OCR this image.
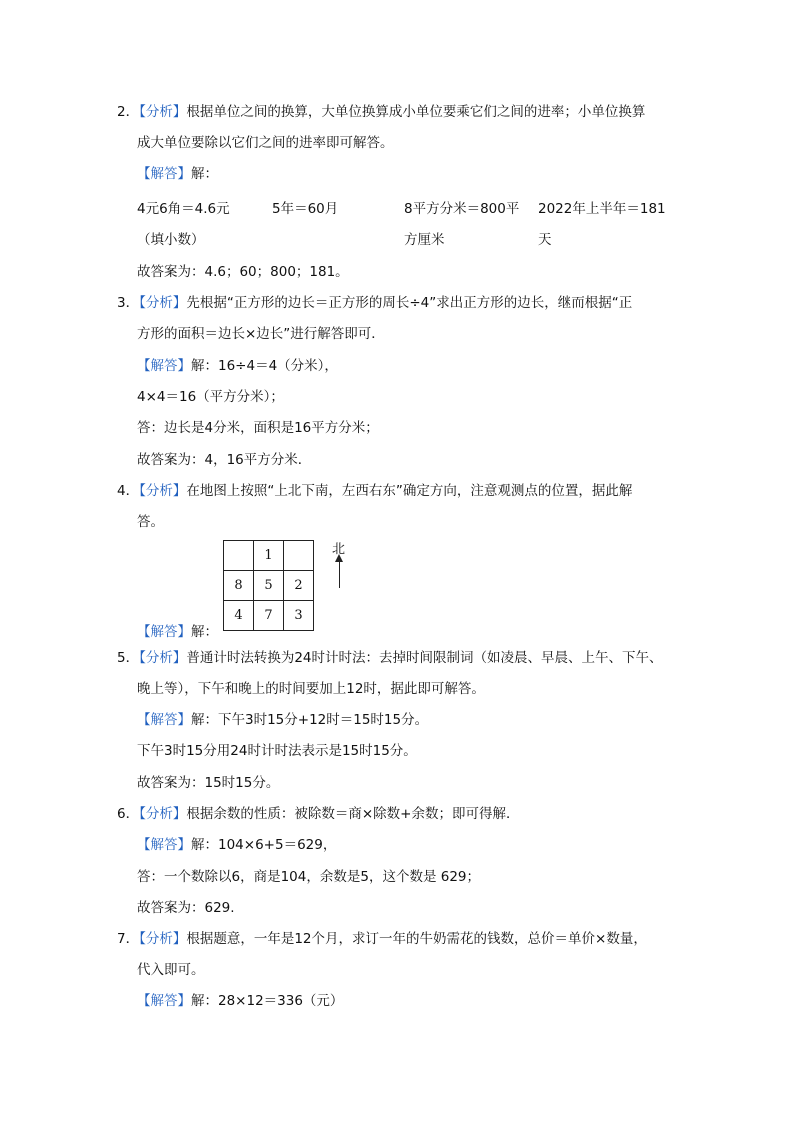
2．【分析】根据单位之间的换算，大单位换算成小单位要乘它们之间的进率；小单位换算
成大单位要除以它们之间的进率即可解答。
【解答】解：
4元6角＝4.6元
（填小数）
5年＝60月	8平方分米＝800平
方厘米
2022年上半年＝181
天
故答案为：4.6；60；800；181。
3．【分析】先根据“正方形的边长＝正方形的周长÷4”求出正方形的边长，继而根据“正
方形的面积＝边长×边长”进行解答即可．
【解答】解：16÷4＝4（分米），
4×4＝16（平方分米）；
答：边长是4分米，面积是16平方分米；
故答案为：4，16平方分米．
4．【分析】在地图上按照“上北下南，左西右东”确定方向，注意观测点的位置，据此解
答。
	1	
8	5	2
4	7	3
北
【解答】解：
5．【分析】普通计时法转换为24时计时法：去掉时间限制词（如凌晨、早晨、上午、下午、
晚上等），下午和晚上的时间要加上12时，据此即可解答。
【解答】解：下午3时15分+12时＝15时15分。
下午3时15分用24时计时法表示是15时15分。
故答案为：15时15分。
6．【分析】根据余数的性质：被除数＝商×除数+余数；即可得解．
【解答】解：104×6+5＝629，
答：一个数除以6，商是104，余数是5，这个数是 629；
故答案为：629.
7．【分析】根据题意，一年是12个月，求订一年的牛奶需花的钱数，总价＝单价×数量，
代入即可。
【解答】解：28×12＝336（元）
